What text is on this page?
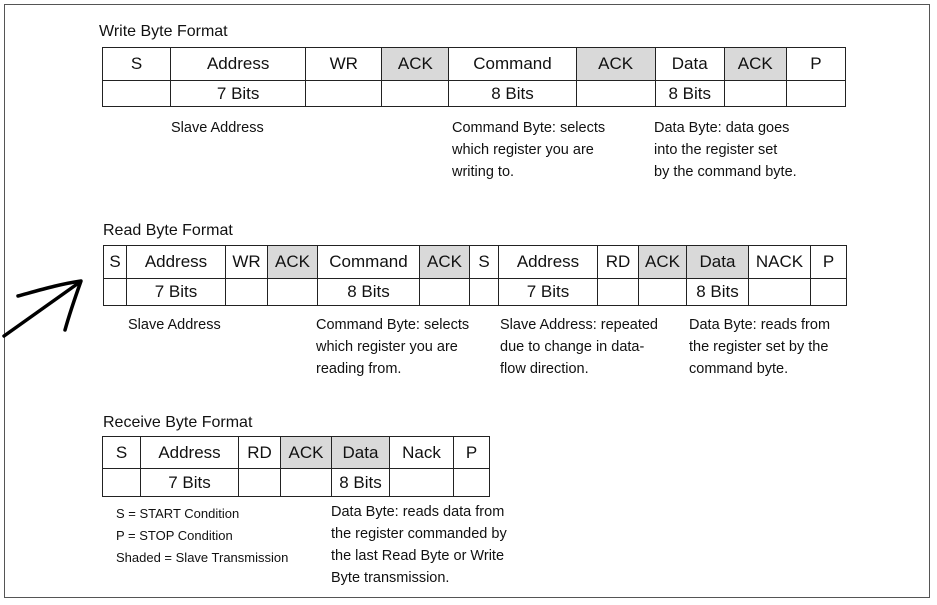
Write Byte Format
S	Address	WR	ACK	Command	ACK	Data	ACK	P
	7 Bits			8 Bits		8 Bits		
Slave Address	Command Byte: selects
which register you are
writing to.
Data Byte: data goes
into the register set
by the command byte.
Read Byte Format
S	Address	WR	ACK	Command	ACK	S	Address	RD	ACK	Data	NACK	P
	7 Bits			8 Bits			7 Bits			8 Bits		
Slave Address	Command Byte: selects
which register you are
reading from.
Slave Address: repeated
due to change in data-
flow direction.
Data Byte: reads from
the register set by the
command byte.
Receive Byte Format
S	Address	RD	ACK	Data	Nack	P
	7 Bits			8 Bits		
S = START Condition
P = STOP Condition
Shaded = Slave Transmission
Data Byte: reads data from
the register commanded by
the last Read Byte or Write
Byte transmission.
